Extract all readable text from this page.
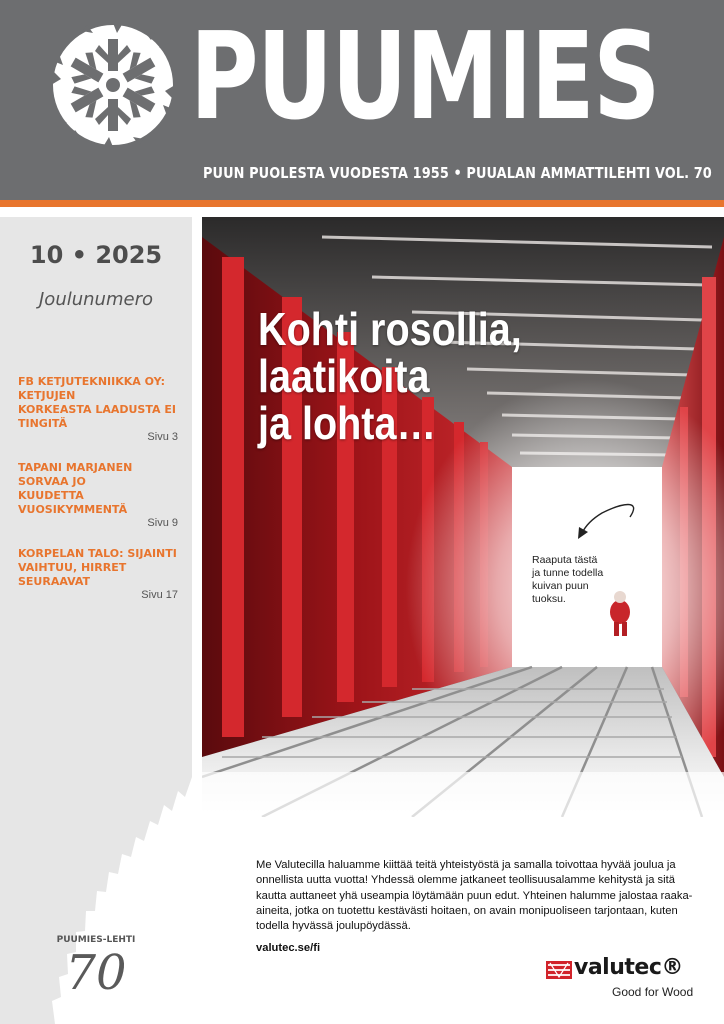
PUUMIES
PUUN PUOLESTA VUODESTA 1955 • PUUALAN AMMATTILEHTI VOL. 70
10 • 2025
Joulunumero
FB KETJUTEKNIIKKA OY: KETJUJEN
KORKEASTA LAADUSTA EI TINGITÄ
Sivu 3
TAPANI MARJANEN SORVAA JO
KUUDETTA VUOSIKYMMENTÄ
Sivu 9
KORPELAN TALO: SIJAINTI
VAIHTUU, HIRRET SEURAAVAT
Sivu 17
PUUMIES-LEHTI
70
Kohti rosollia,
laatikoita
ja lohta…
Raaputa tästä
ja tunne todella
kuivan puun
tuoksu.
Me Valutecilla haluamme kiittää teitä yhteistyöstä ja samalla toivottaa hyvää joulua ja onnellista uutta vuotta! Yhdessä olemme jatkaneet teollisuusalamme kehitystä ja sitä kautta auttaneet yhä useampia löytämään puun edut. Yhteinen halumme jalostaa raaka-aineita, jotka on tuotettu kestävästi hoitaen, on avain monipuoliseen tarjontaan, kuten todella hyvässä joulupöydässä.
valutec.se/fi
valutec®
Good for Wood
